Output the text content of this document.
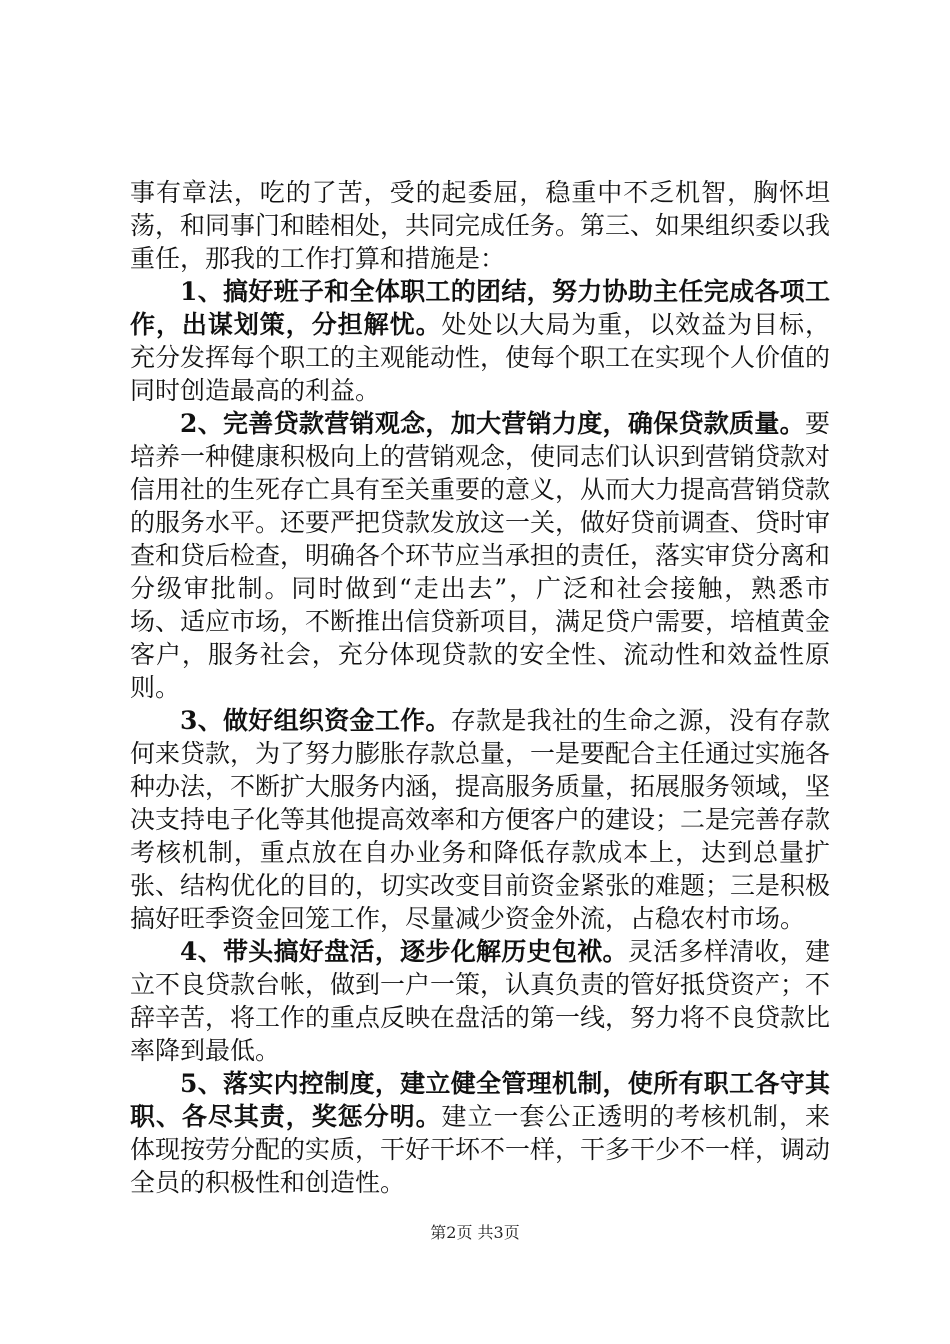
事有章法，吃的了苦，受的起委屈，稳重中不乏机智，胸怀坦荡，和同事门和睦相处，共同完成任务。第三、如果组织委以我重任，那我的工作打算和措施是：

1、搞好班子和全体职工的团结，努力协助主任完成各项工作，出谋划策，分担解忧。处处以大局为重，以效益为目标，充分发挥每个职工的主观能动性，使每个职工在实现个人价值的同时创造最高的利益。

2、完善贷款营销观念，加大营销力度，确保贷款质量。要培养一种健康积极向上的营销观念，使同志们认识到营销贷款对信用社的生死存亡具有至关重要的意义，从而大力提高营销贷款的服务水平。还要严把贷款发放这一关，做好贷前调查、贷时审查和贷后检查，明确各个环节应当承担的责任，落实审贷分离和分级审批制。同时做到“走出去”，广泛和社会接触，熟悉市场、适应市场，不断推出信贷新项目，满足贷户需要，培植黄金客户，服务社会，充分体现贷款的安全性、流动性和效益性原则。

3、做好组织资金工作。存款是我社的生命之源，没有存款何来贷款，为了努力膨胀存款总量，一是要配合主任通过实施各种办法，不断扩大服务内涵，提高服务质量，拓展服务领域，坚决支持电子化等其他提高效率和方便客户的建设；二是完善存款考核机制，重点放在自办业务和降低存款成本上，达到总量扩张、结构优化的目的，切实改变目前资金紧张的难题；三是积极搞好旺季资金回笼工作，尽量减少资金外流，占稳农村市场。

4、带头搞好盘活，逐步化解历史包袱。灵活多样清收，建立不良贷款台帐，做到一户一策，认真负责的管好抵贷资产；不辞辛苦，将工作的重点反映在盘活的第一线，努力将不良贷款比率降到最低。

5、落实内控制度，建立健全管理机制，使所有职工各守其职、各尽其责，奖惩分明。建立一套公正透明的考核机制，来体现按劳分配的实质，干好干坏不一样，干多干少不一样，调动全员的积极性和创造性。

第2页 共3页
